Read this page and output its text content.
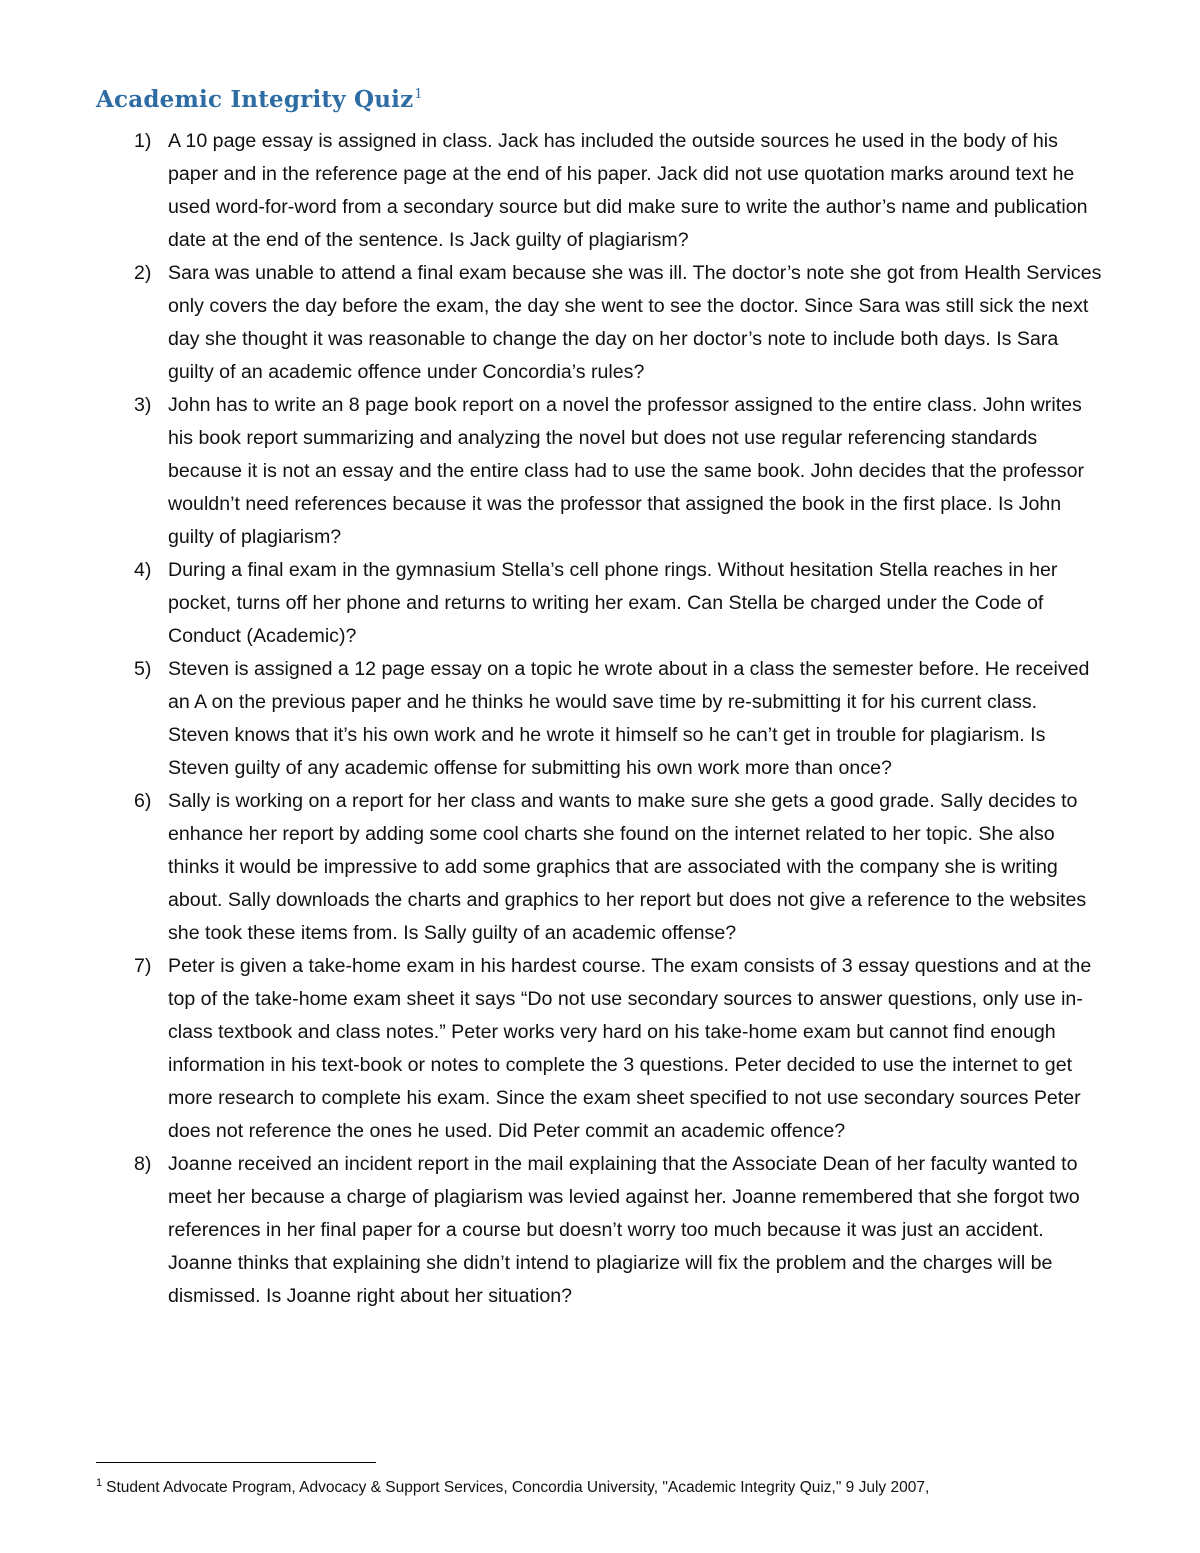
Academic Integrity Quiz$^1$
1) A 10 page essay is assigned in class. Jack has included the outside sources he used in the body of his paper and in the reference page at the end of his paper. Jack did not use quotation marks around text he used word-for-word from a secondary source but did make sure to write the author’s name and publication date at the end of the sentence. Is Jack guilty of plagiarism?
2) Sara was unable to attend a final exam because she was ill. The doctor’s note she got from Health Services only covers the day before the exam, the day she went to see the doctor. Since Sara was still sick the next day she thought it was reasonable to change the day on her doctor’s note to include both days. Is Sara guilty of an academic offence under Concordia’s rules?
3) John has to write an 8 page book report on a novel the professor assigned to the entire class. John writes his book report summarizing and analyzing the novel but does not use regular referencing standards because it is not an essay and the entire class had to use the same book. John decides that the professor wouldn’t need references because it was the professor that assigned the book in the first place. Is John guilty of plagiarism?
4) During a final exam in the gymnasium Stella’s cell phone rings. Without hesitation Stella reaches in her pocket, turns off her phone and returns to writing her exam. Can Stella be charged under the Code of Conduct (Academic)?
5) Steven is assigned a 12 page essay on a topic he wrote about in a class the semester before. He received an A on the previous paper and he thinks he would save time by re-submitting it for his current class. Steven knows that it’s his own work and he wrote it himself so he can’t get in trouble for plagiarism. Is Steven guilty of any academic offense for submitting his own work more than once?
6) Sally is working on a report for her class and wants to make sure she gets a good grade. Sally decides to enhance her report by adding some cool charts she found on the internet related to her topic. She also thinks it would be impressive to add some graphics that are associated with the company she is writing about. Sally downloads the charts and graphics to her report but does not give a reference to the websites she took these items from. Is Sally guilty of an academic offense?
7) Peter is given a take-home exam in his hardest course. The exam consists of 3 essay questions and at the top of the take-home exam sheet it says “Do not use secondary sources to answer questions, only use in-class textbook and class notes.” Peter works very hard on his take-home exam but cannot find enough information in his text-book or notes to complete the 3 questions. Peter decided to use the internet to get more research to complete his exam. Since the exam sheet specified to not use secondary sources Peter does not reference the ones he used. Did Peter commit an academic offence?
8) Joanne received an incident report in the mail explaining that the Associate Dean of her faculty wanted to meet her because a charge of plagiarism was levied against her. Joanne remembered that she forgot two references in her final paper for a course but doesn’t worry too much because it was just an accident. Joanne thinks that explaining she didn’t intend to plagiarize will fix the problem and the charges will be dismissed. Is Joanne right about her situation?
$^1$ Student Advocate Program, Advocacy & Support Services, Concordia University, "Academic Integrity Quiz," 9 July 2007,
